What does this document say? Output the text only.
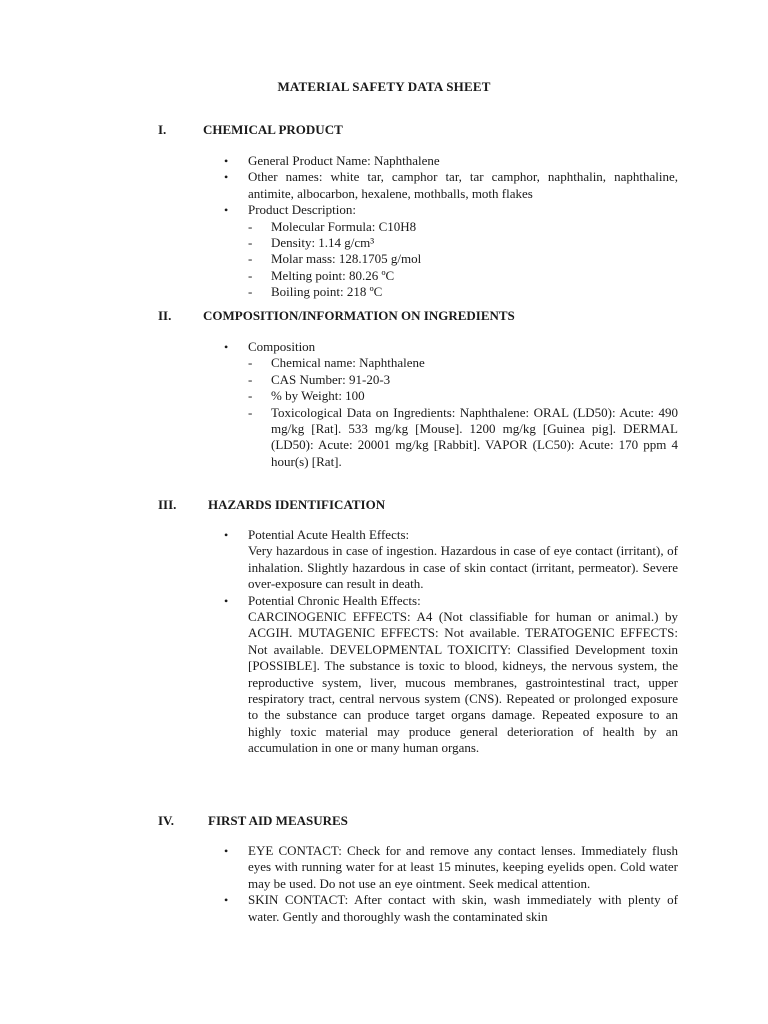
MATERIAL SAFETY DATA SHEET
I.	CHEMICAL PRODUCT
• General Product Name: Naphthalene
• Other names: white tar, camphor tar, tar camphor, naphthalin, naphthaline, antimite, albocarbon, hexalene, mothballs, moth flakes
• Product Description:
- Molecular Formula: C10H8
- Density: 1.14 g/cm³
- Molar mass: 128.1705 g/mol
- Melting point: 80.26 ºC
- Boiling point: 218 ºC
II. COMPOSITION/INFORMATION ON INGREDIENTS
• Composition
- Chemical name: Naphthalene
- CAS Number: 91-20-3
- % by Weight: 100
- Toxicological Data on Ingredients: Naphthalene: ORAL (LD50): Acute: 490 mg/kg [Rat]. 533 mg/kg [Mouse]. 1200 mg/kg [Guinea pig]. DERMAL (LD50): Acute: 20001 mg/kg [Rabbit]. VAPOR (LC50): Acute: 170 ppm 4 hour(s) [Rat].
III. HAZARDS IDENTIFICATION
• Potential Acute Health Effects:
Very hazardous in case of ingestion. Hazardous in case of eye contact (irritant), of inhalation. Slightly hazardous in case of skin contact (irritant, permeator). Severe over-exposure can result in death.
• Potential Chronic Health Effects:
CARCINOGENIC EFFECTS: A4 (Not classifiable for human or animal.) by ACGIH. MUTAGENIC EFFECTS: Not available. TERATOGENIC EFFECTS: Not available. DEVELOPMENTAL TOXICITY: Classified Development toxin [POSSIBLE]. The substance is toxic to blood, kidneys, the nervous system, the reproductive system, liver, mucous membranes, gastrointestinal tract, upper respiratory tract, central nervous system (CNS). Repeated or prolonged exposure to the substance can produce target organs damage. Repeated exposure to an highly toxic material may produce general deterioration of health by an accumulation in one or many human organs.
IV.	FIRST AID MEASURES
• EYE CONTACT: Check for and remove any contact lenses. Immediately flush eyes with running water for at least 15 minutes, keeping eyelids open. Cold water may be used. Do not use an eye ointment. Seek medical attention.
• SKIN CONTACT: After contact with skin, wash immediately with plenty of water. Gently and thoroughly wash the contaminated skin
